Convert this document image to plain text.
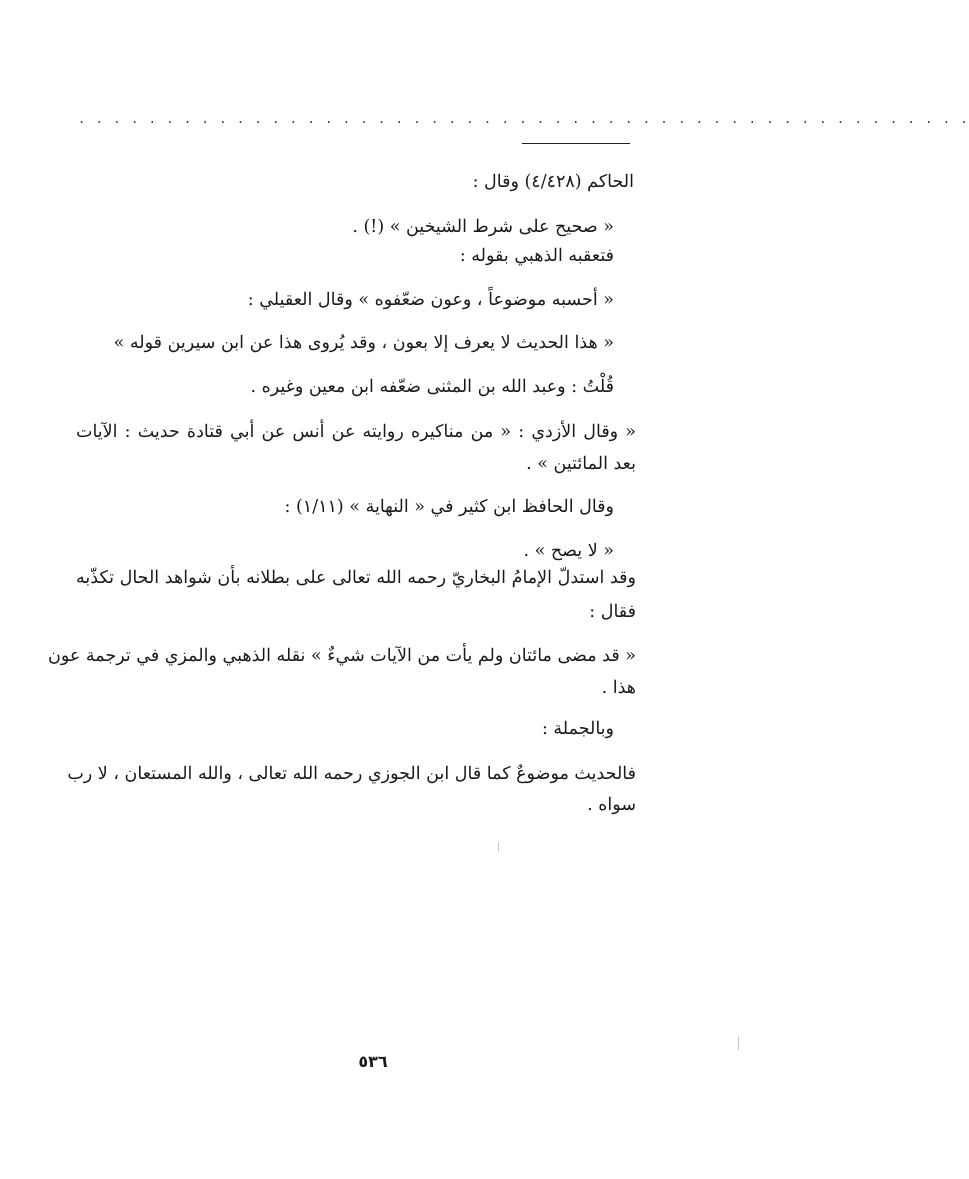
. . . . . . . . . . . . . . . . . . . . . . . . . . . . . . . . . . . . . . . . . . . . . . . . . . .
الحاكم (٤/٤٢٨) وقال :
« صحيح على شرط الشيخين » (!) .
فتعقبه الذهبي بقوله :
« أحسبه موضوعاً ، وعون ضعّفوه » وقال العقيلي :
« هذا الحديث لا يعرف إلا بعون ، وقد يُروى هذا عن ابن سيرين قوله »
قُلْتُ : وعبد الله بن المثنى ضعّفه ابن معين وغيره .
« وقال الأزدي : « من مناكيره روايته عن أنس عن أبي قتادة حديث : الآيات
بعد المائتين » .
وقال الحافظ ابن كثير في « النهاية » (١/١١) :
« لا يصح » .
وقد استدلّ الإمامُ البخاريّ رحمه الله تعالى على بطلانه بأن شواهد الحال تكذّبه
فقال :
« قد مضى مائتان ولم يأت من الآيات شيءٌ » نقله الذهبي والمزي في ترجمة عون
هذا .
وبالجملة :
فالحديث موضوعٌ كما قال ابن الجوزي رحمه الله تعالى ، والله المستعان ، لا رب
سواه .
٥٣٦
